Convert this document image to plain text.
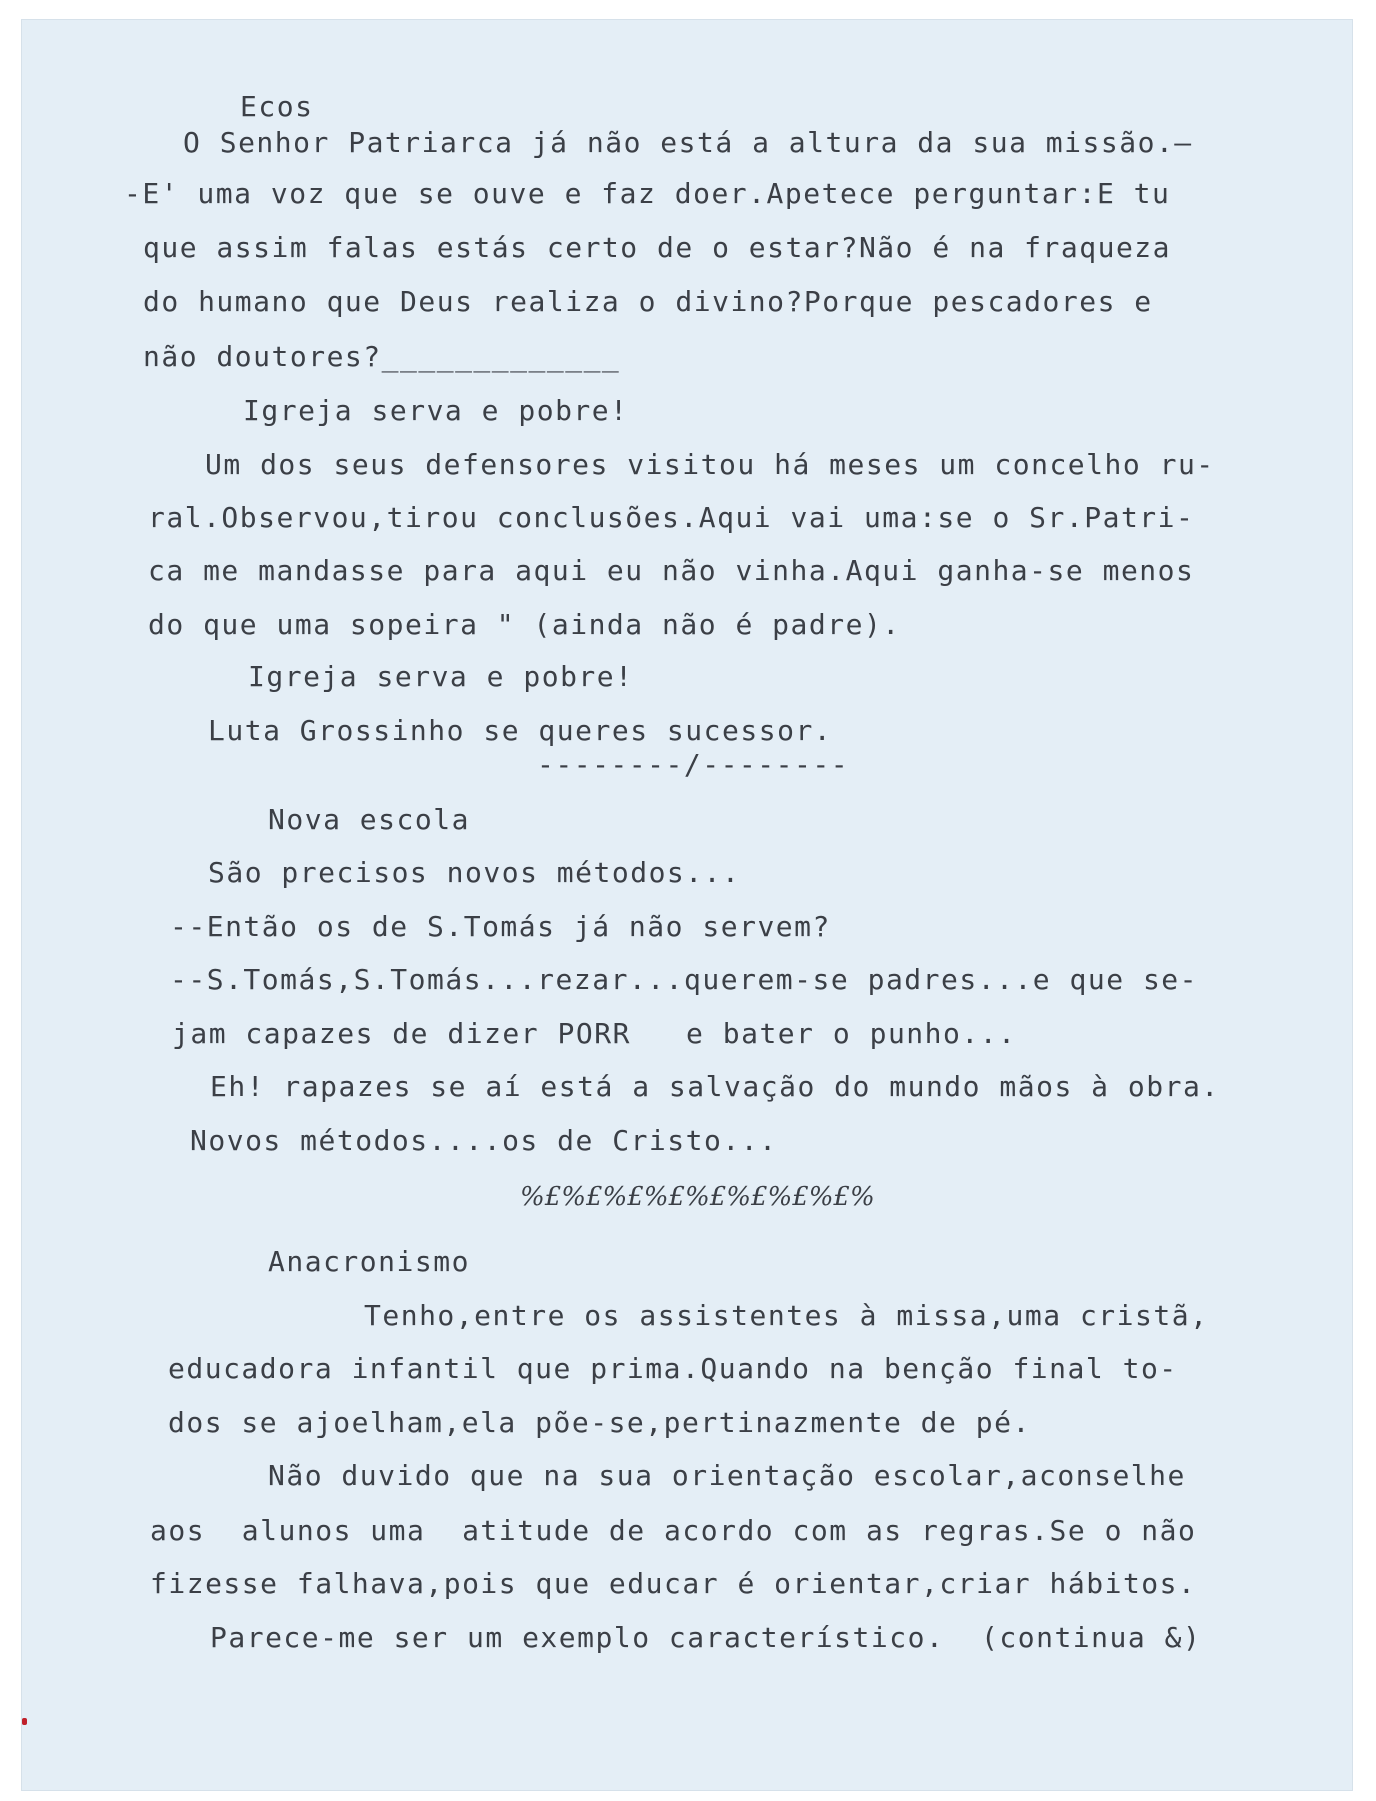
Ecos

O Senhor Patriarca já não está a altura da sua missão.–

-E' uma voz que se ouve e faz doer.Apetece perguntar:E tu

que assim falas estás certo de o estar?Não é na fraqueza

do humano que Deus realiza o divino?Porque pescadores e

não doutores?_____________

Igreja serva e pobre!

Um dos seus defensores visitou há meses um concelho ru-

ral.Observou,tirou conclusões.Aqui vai uma:se o Sr.Patri-

ca me mandasse para aqui eu não vinha.Aqui ganha-se menos

do que uma sopeira " (ainda não é padre).

Igreja serva e pobre!

Luta Grossinho se queres sucessor.

--------/--------

Nova escola

São precisos novos métodos...

--Então os de S.Tomás já não servem?

--S.Tomás,S.Tomás...rezar...querem-se padres...e que se-

jam capazes de dizer PORR   e bater o punho...

Eh! rapazes se aí está a salvação do mundo mãos à obra.

Novos métodos....os de Cristo...

%£%£%£%£%£%£%£%£%

Anacronismo

Tenho,entre os assistentes à missa,uma cristã,

educadora infantil que prima.Quando na benção final to-

dos se ajoelham,ela põe-se,pertinazmente de pé.

Não duvido que na sua orientação escolar,aconselhe

aos  alunos uma  atitude de acordo com as regras.Se o não

fizesse falhava,pois que educar é orientar,criar hábitos.

Parece-me ser um exemplo característico.  (continua &)
